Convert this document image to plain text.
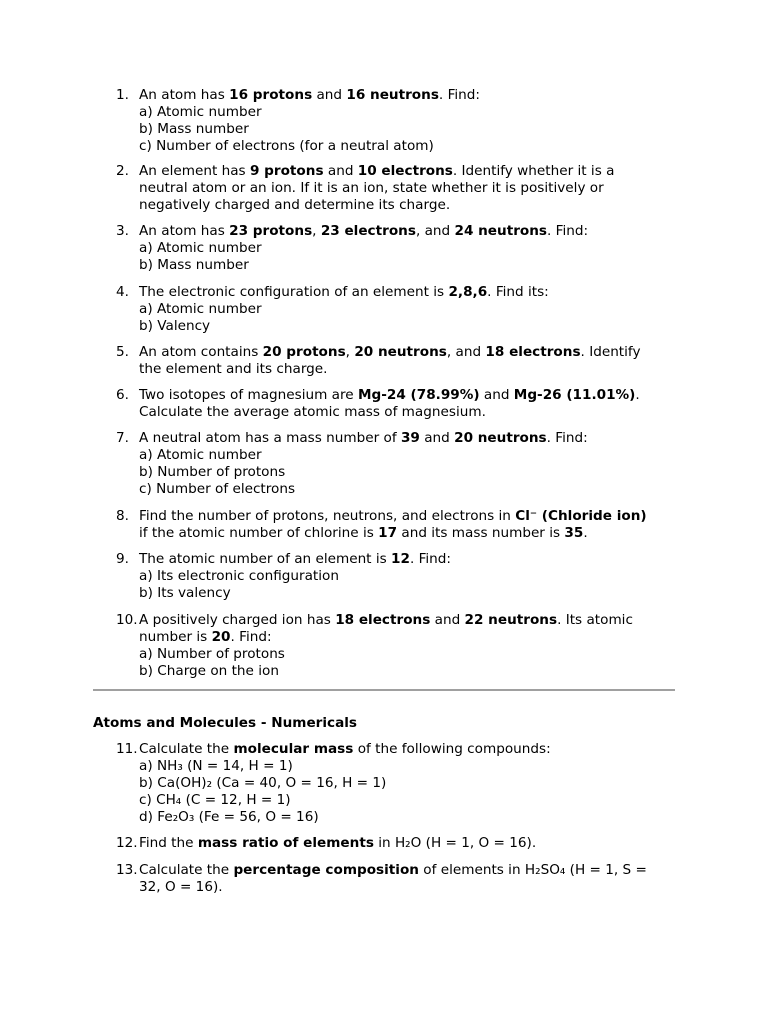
1. An atom has 16 protons and 16 neutrons. Find:
a) Atomic number
b) Mass number
c) Number of electrons (for a neutral atom)
2. An element has 9 protons and 10 electrons. Identify whether it is a
neutral atom or an ion. If it is an ion, state whether it is positively or
negatively charged and determine its charge.
3. An atom has 23 protons, 23 electrons, and 24 neutrons. Find:
a) Atomic number
b) Mass number
4. The electronic configuration of an element is 2,8,6. Find its:
a) Atomic number
b) Valency
5. An atom contains 20 protons, 20 neutrons, and 18 electrons. Identify
the element and its charge.
6. Two isotopes of magnesium are Mg-24 (78.99%) and Mg-26 (11.01%).
Calculate the average atomic mass of magnesium.
7. A neutral atom has a mass number of 39 and 20 neutrons. Find:
a) Atomic number
b) Number of protons
c) Number of electrons
8. Find the number of protons, neutrons, and electrons in Cl⁻ (Chloride ion)
if the atomic number of chlorine is 17 and its mass number is 35.
9. The atomic number of an element is 12. Find:
a) Its electronic configuration
b) Its valency
10. A positively charged ion has 18 electrons and 22 neutrons. Its atomic
number is 20. Find:
a) Number of protons
b) Charge on the ion
Atoms and Molecules - Numericals
11. Calculate the molecular mass of the following compounds:
a) NH₃ (N = 14, H = 1)
b) Ca(OH)₂ (Ca = 40, O = 16, H = 1)
c) CH₄ (C = 12, H = 1)
d) Fe₂O₃ (Fe = 56, O = 16)
12. Find the mass ratio of elements in H₂O (H = 1, O = 16).
13. Calculate the percentage composition of elements in H₂SO₄ (H = 1, S =
32, O = 16).
